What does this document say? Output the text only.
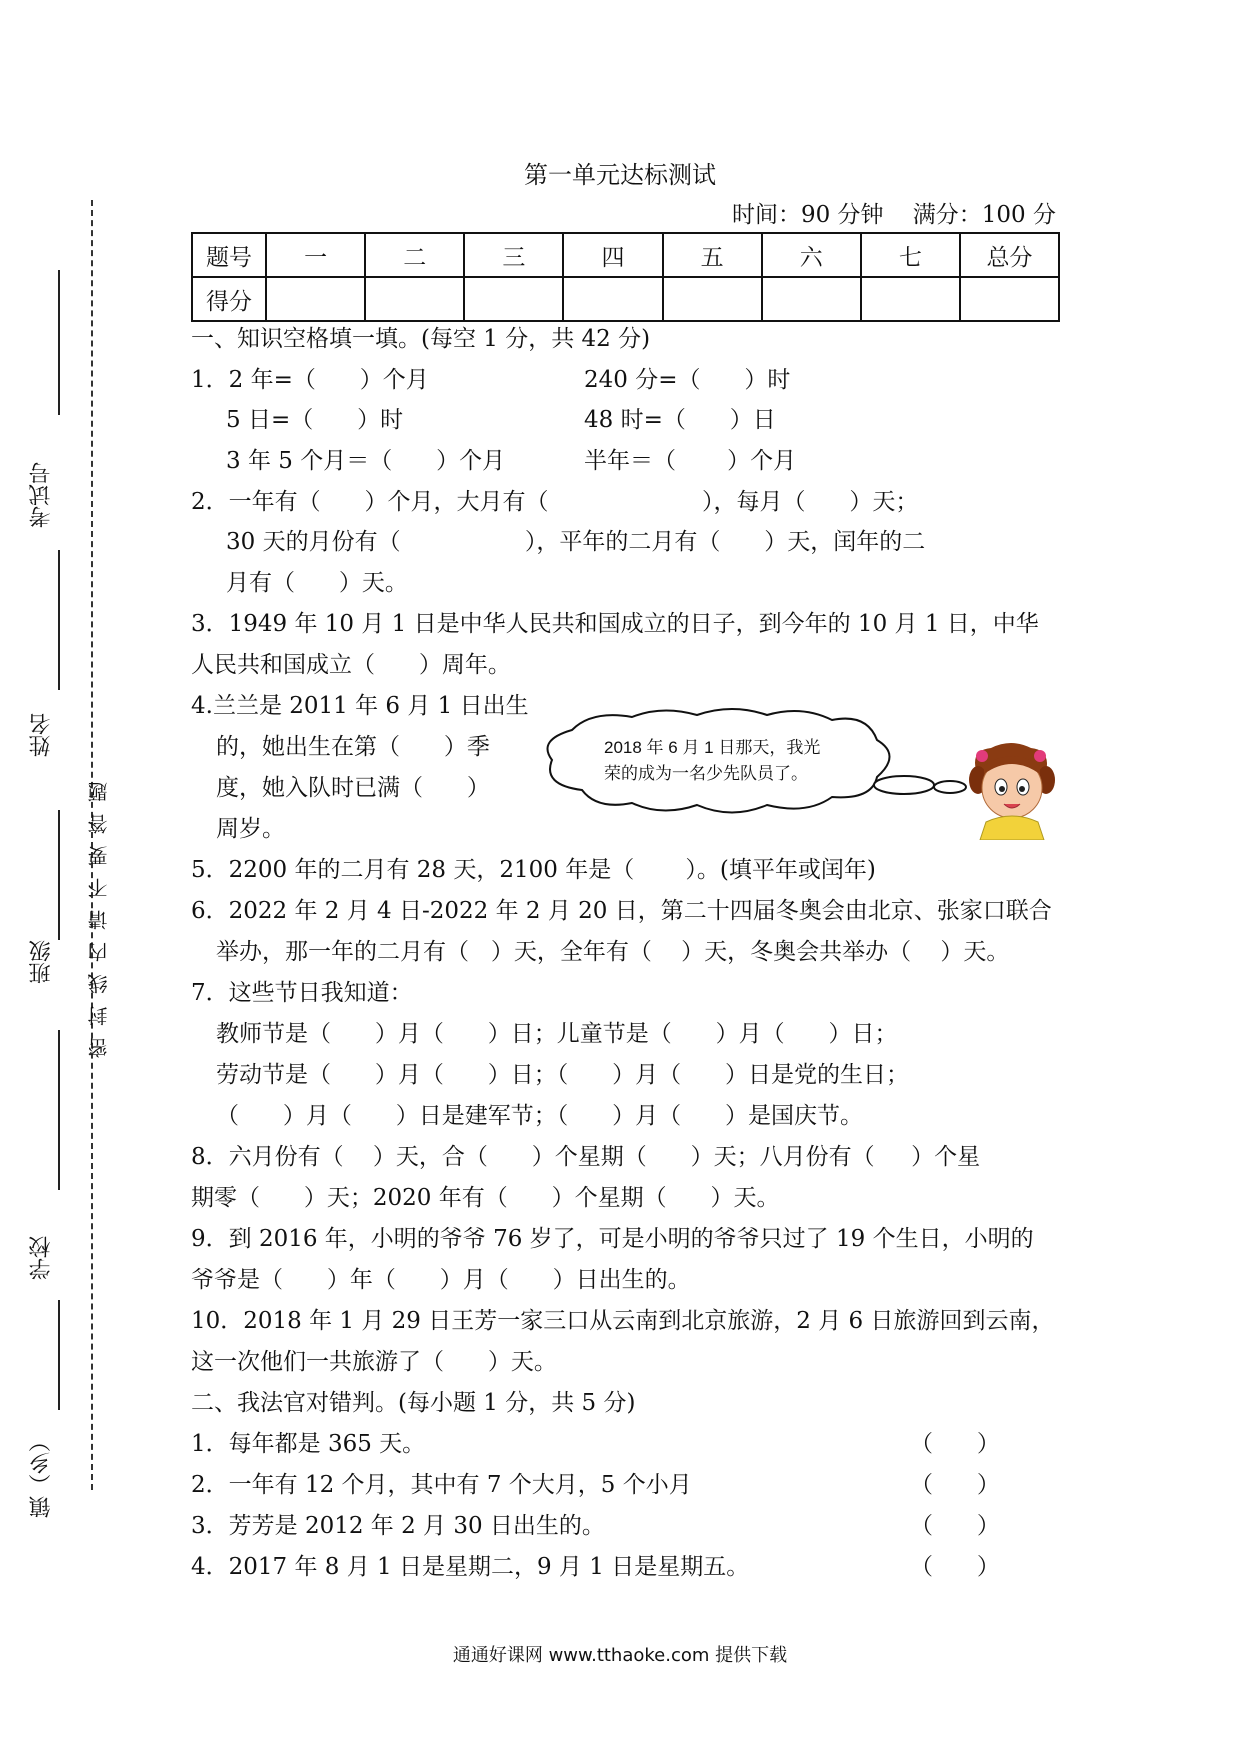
考试号
姓名
班级
学校
镇（乡）
密封线内请不要答题
第一单元达标测试
时间：90 分钟    满分：100 分
题号	一	二	三	四	五	六	七	总分
得分								
一、知识空格填一填。(每空 1 分，共 42 分)
1．2 年=（      ）个月	240 分=（      ）时
5 日=（      ）时	48 时=（      ）日
3 年 5 个月＝（      ）个月	半年＝（       ）个月
2．一年有（      ）个月，大月有（                     ），每月（      ）天；
30 天的月份有（                 ），平年的二月有（      ）天，闰年的二
月有（      ）天。
3．1949 年 10 月 1 日是中华人民共和国成立的日子，到今年的 10 月 1 日，中华
人民共和国成立（      ）周年。
4.兰兰是 2011 年 6 月 1 日出生
的，她出生在第（      ）季
度，她入队时已满（      ）
周岁。
2018 年 6 月 1 日那天，我光
荣的成为一名少先队员了。
5．2200 年的二月有 28 天，2100 年是（       ）。(填平年或闰年)
6．2022 年 2 月 4 日-2022 年 2 月 20 日，第二十四届冬奥会由北京、张家口联合
举办，那一年的二月有（   ）天，全年有（    ）天，冬奥会共举办（    ）天。
7．这些节日我知道：
教师节是（      ）月（      ）日；儿童节是（      ）月（      ）日；
劳动节是（      ）月（      ）日；（      ）月（      ）日是党的生日；
（      ）月（      ）日是建军节；（      ）月（      ）是国庆节。
8．六月份有（    ）天，合（      ）个星期（      ）天；八月份有（     ）个星
期零（      ）天；2020 年有（      ）个星期（      ）天。
9．到 2016 年，小明的爷爷 76 岁了，可是小明的爷爷只过了 19 个生日，小明的
爷爷是（      ）年（      ）月（      ）日出生的。
10．2018 年 1 月 29 日王芳一家三口从云南到北京旅游，2 月 6 日旅游回到云南，
这一次他们一共旅游了（      ）天。
二、我法官对错判。(每小题 1 分，共 5 分)
1．每年都是 365 天。	（      ）
2．一年有 12 个月，其中有 7 个大月，5 个小月	（      ）
3．芳芳是 2012 年 2 月 30 日出生的。	（      ）
4．2017 年 8 月 1 日是星期二，9 月 1 日是星期五。	（      ）
通通好课网 www.tthaoke.com 提供下载
